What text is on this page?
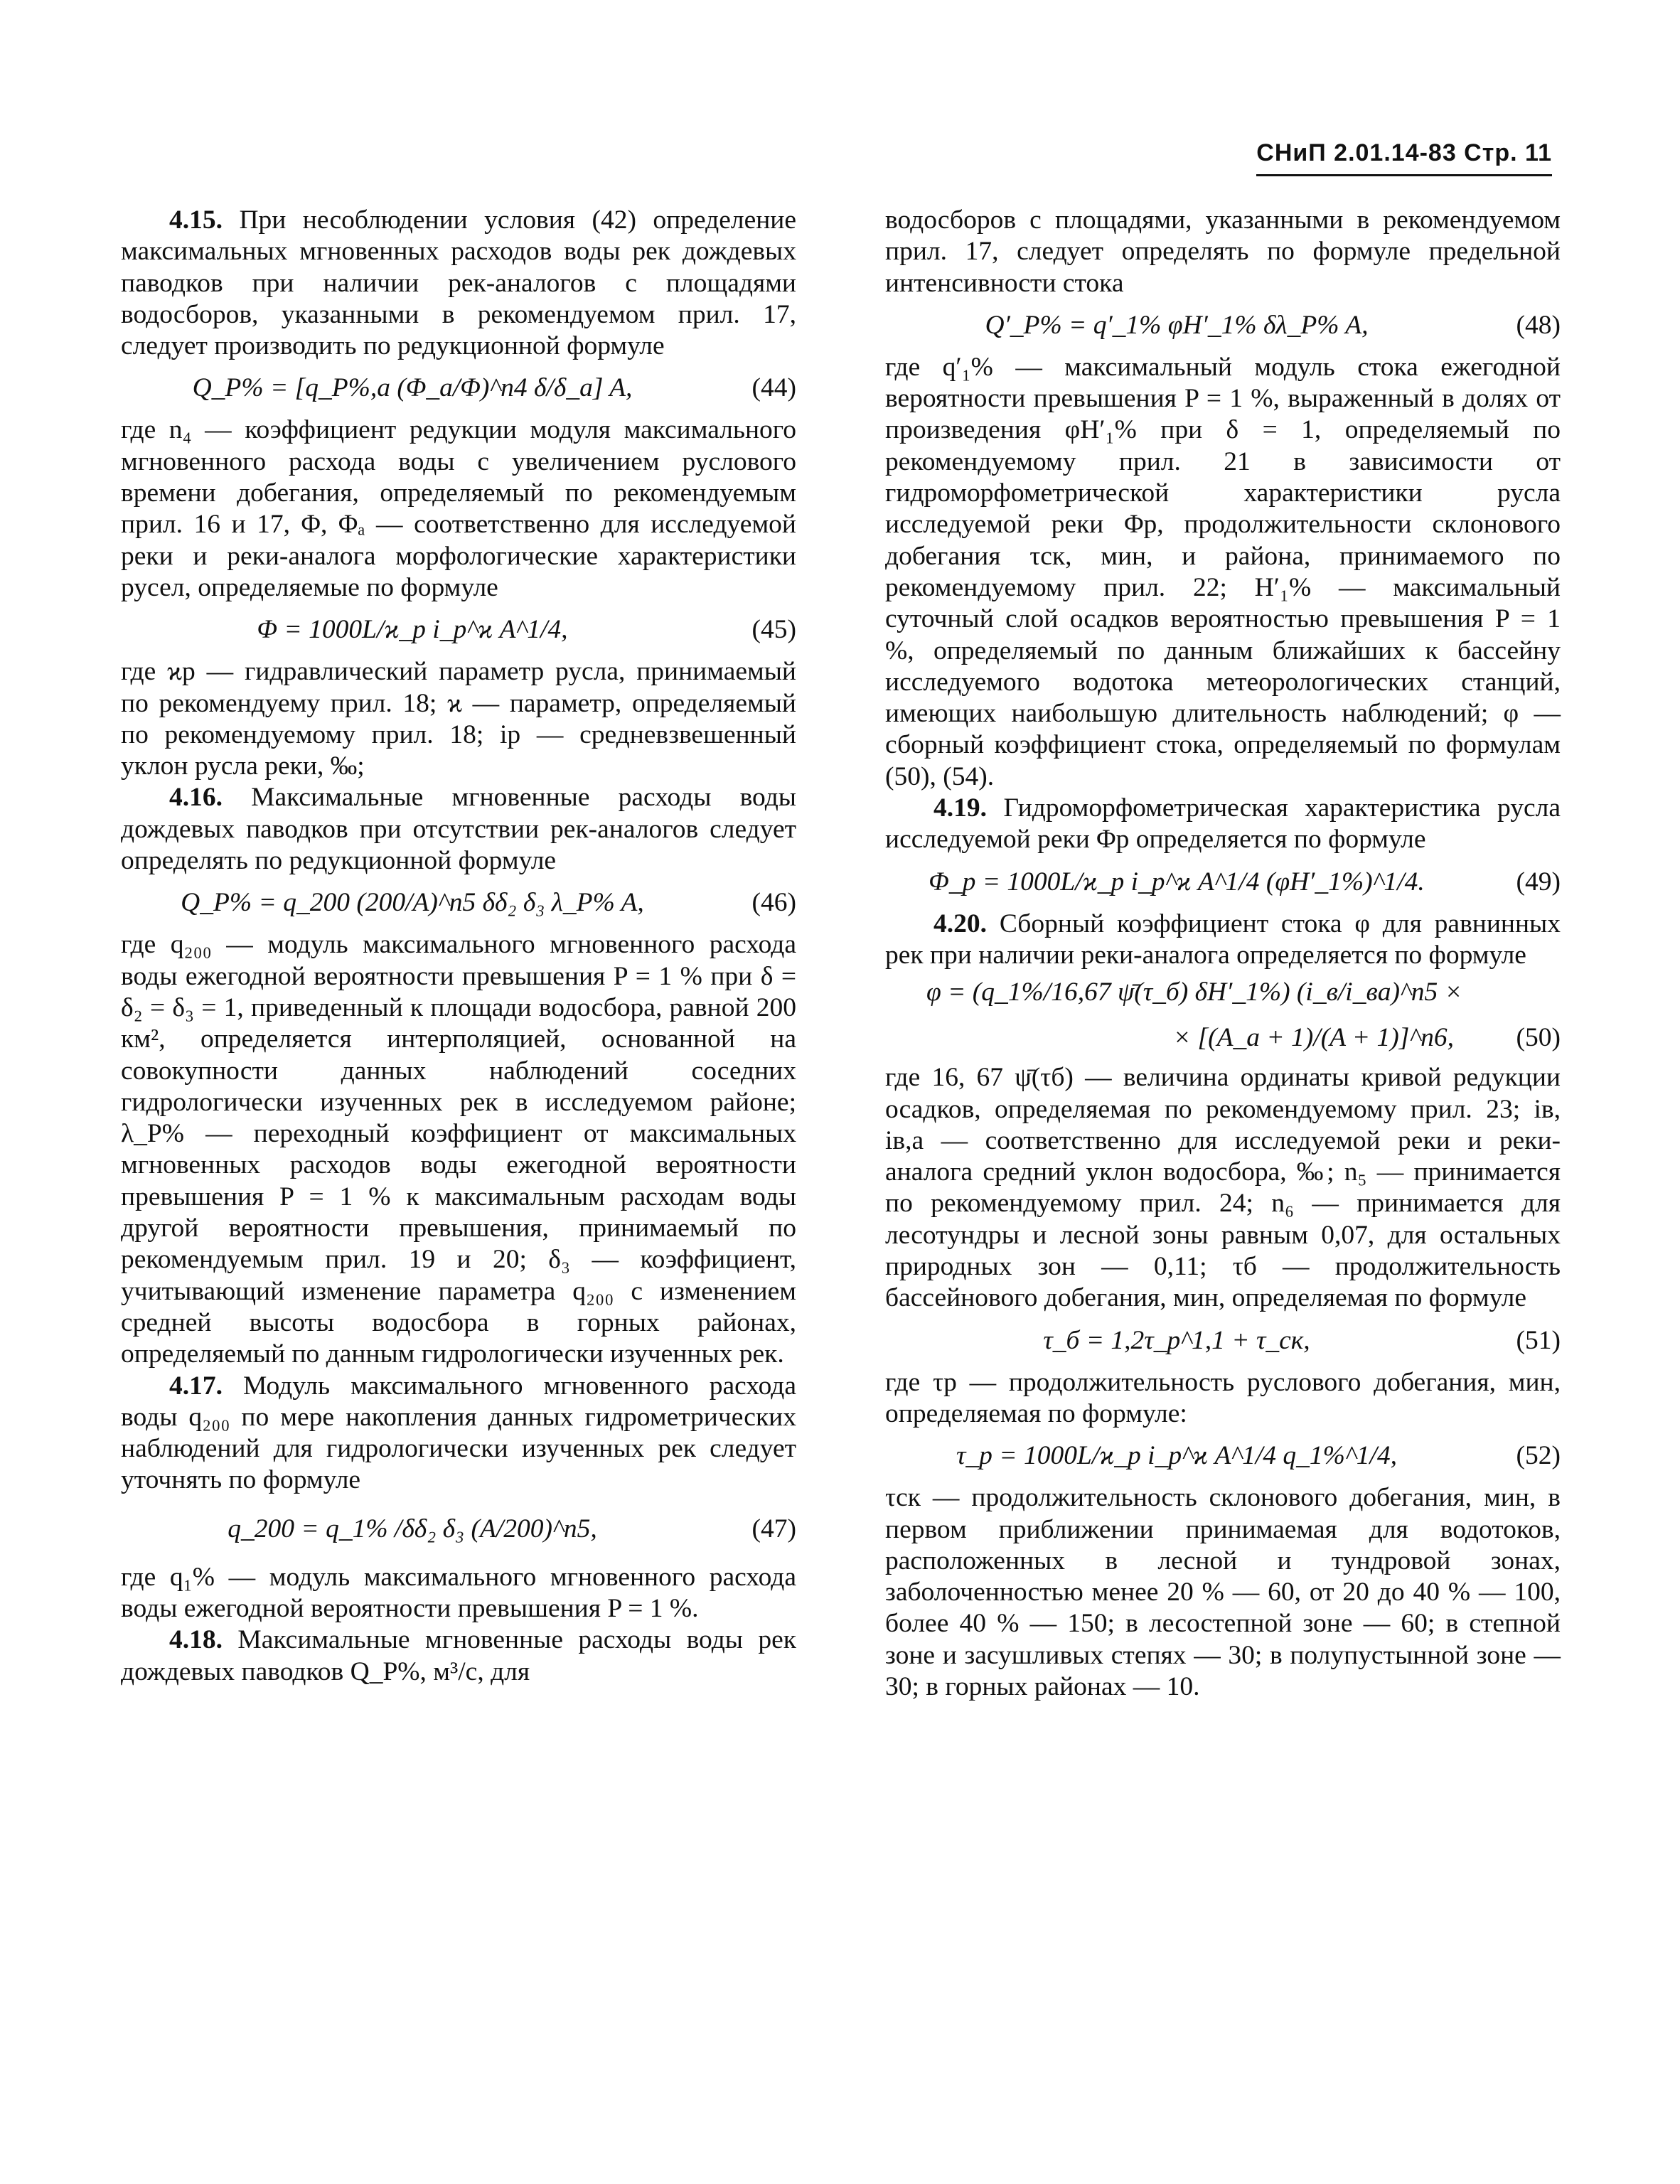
СНиП 2.01.14-83 Стр. 11

4.15. При несоблюдении условия (42) определение максимальных мгновенных расходов воды рек дождевых паводков при наличии рек-аналогов с площадями водосборов, указанными в рекомендуемом прил. 17, следует производить по редукционной формуле

Q_P% = [q_P%,a (Φ_a/Φ)^n4 δ/δ_a] A,	(44)

где n₄ — коэффициент редукции модуля максимального мгновенного расхода воды с увеличением руслового времени добегания, определяемый по рекомендуемым прил. 16 и 17, Φ, Φₐ — соответственно для исследуемой реки и реки-аналога морфологические характеристики русел, определяемые по формуле

Φ = 1000L/ϰ_р i_р^ϰ A^1/4,	(45)

где ϰр — гидравлический параметр русла, принимаемый по рекомендуему прил. 18; ϰ — параметр, определяемый по рекомендуемому прил. 18; iр — средневзвешенный уклон русла реки, ‰;

4.16. Максимальные мгновенные расходы воды дождевых паводков при отсутствии рек-аналогов следует определять по редукционной формуле

Q_P% = q_200 (200/A)^n5 δδ₂ δ₃ λ_P% A,	(46)

где q₂₀₀ — модуль максимального мгновенного расхода воды ежегодной вероятности превышения P = 1 % при δ = δ₂ = δ₃ = 1, приведенный к площади водосбора, равной 200 км², определяется интерполяцией, основанной на совокупности данных наблюдений соседних гидрологически изученных рек в исследуемом районе; λ_P% — переходный коэффициент от максимальных мгновенных расходов воды ежегодной вероятности превышения P = 1 % к максимальным расходам воды другой вероятности превышения, принимаемый по рекомендуемым прил. 19 и 20; δ₃ — коэффициент, учитывающий изменение параметра q₂₀₀ с изменением средней высоты водосбора в горных районах, определяемый по данным гидрологически изученных рек.

4.17. Модуль максимального мгновенного расхода воды q₂₀₀ по мере накопления данных гидрометрических наблюдений для гидрологически изученных рек следует уточнять по формуле

q_200 = q_1% /δδ₂ δ₃ (A/200)^n5,	(47)

где q₁% — модуль максимального мгновенного расхода воды ежегодной вероятности превышения P = 1 %.

4.18. Максимальные мгновенные расходы воды рек дождевых паводков Q_P%, м³/с, для

водосборов с площадями, указанными в рекомендуемом прил. 17, следует определять по формуле предельной интенсивности стока

Q′_P% = q′_1% φH′_1% δλ_P% A,	(48)

где q′₁% — максимальный модуль стока ежегодной вероятности превышения P = 1 %, выраженный в долях от произведения φH′₁% при δ = 1, определяемый по рекомендуемому прил. 21 в зависимости от гидроморфометрической характеристики русла исследуемой реки Φр, продолжительности склонового добегания τск, мин, и района, принимаемого по рекомендуемому прил. 22; H′₁% — максимальный суточный слой осадков вероятностью превышения P = 1 %, определяемый по данным ближайших к бассейну исследуемого водотока метеорологических станций, имеющих наибольшую длительность наблюдений; φ — сборный коэффициент стока, определяемый по формулам (50), (54).

4.19. Гидроморфометрическая характеристика русла исследуемой реки Φр определяется по формуле

Φ_р = 1000L/ϰ_р i_р^ϰ A^1/4 (φH′_1%)^1/4.	(49)

4.20. Сборный коэффициент стока φ для равнинных рек при наличии реки-аналога определяется по формуле

φ = (q_1%/16,67 ψ̄(τ_б) δH′_1%) (i_в/i_вa)^n5 ×
× [(A_a + 1)/(A + 1)]^n6, (50)

где 16, 67 ψ̄(τб) — величина ординаты кривой редукции осадков, определяемая по рекомендуемому прил. 23; iв, iв,а — соответственно для исследуемой реки и реки-аналога средний уклон водосбора, ‰; n₅ — принимается по рекомендуемому прил. 24; n₆ — принимается для лесотундры и лесной зоны равным 0,07, для остальных природных зон — 0,11; τб — продолжительность бассейнового добегания, мин, определяемая по формуле

τ_б = 1,2τ_р^1,1 + τ_ск,	(51)

где τр — продолжительность руслового добегания, мин, определяемая по формуле:

τ_р = 1000L/ϰ_р i_р^ϰ A^1/4 q_1%^1/4,	(52)

τск — продолжительность склонового добегания, мин, в первом приближении принимаемая для водотоков, расположенных в лесной и тундровой зонах, заболоченностью менее 20 % — 60, от 20 до 40 % — 100, более 40 % — 150; в лесостепной зоне — 60; в степной зоне и засушливых степях — 30; в полупустынной зоне — 30; в горных районах — 10.
